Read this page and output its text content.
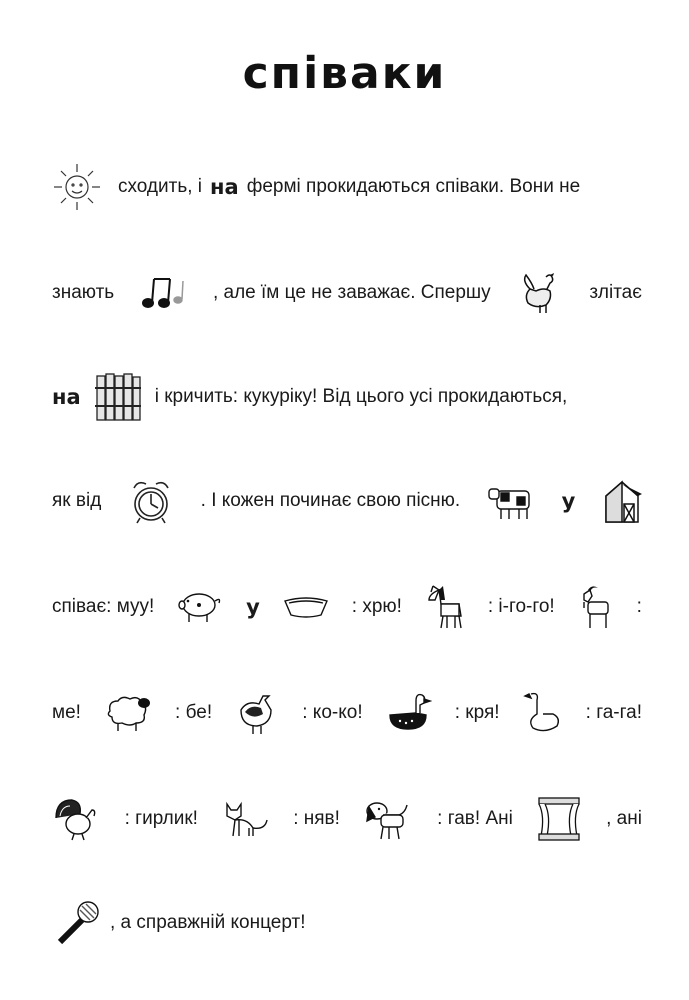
співаки
сходить, і на фермі прокидаються співаки. Вони не
знають	, але їм це не заважає. Спершу	злітає
на	і кричить: кукуріку! Від цього усі прокидаються,
як від	. І кожен починає свою пісню.	у
співає: муу!	у	: хрю!	: і-го-го!	:
ме!	: бе!	: ко-ко!	: кря!	: га-га!
: гирлик!	: няв!	: гав! Ані	, ані
, а справжній концерт!
